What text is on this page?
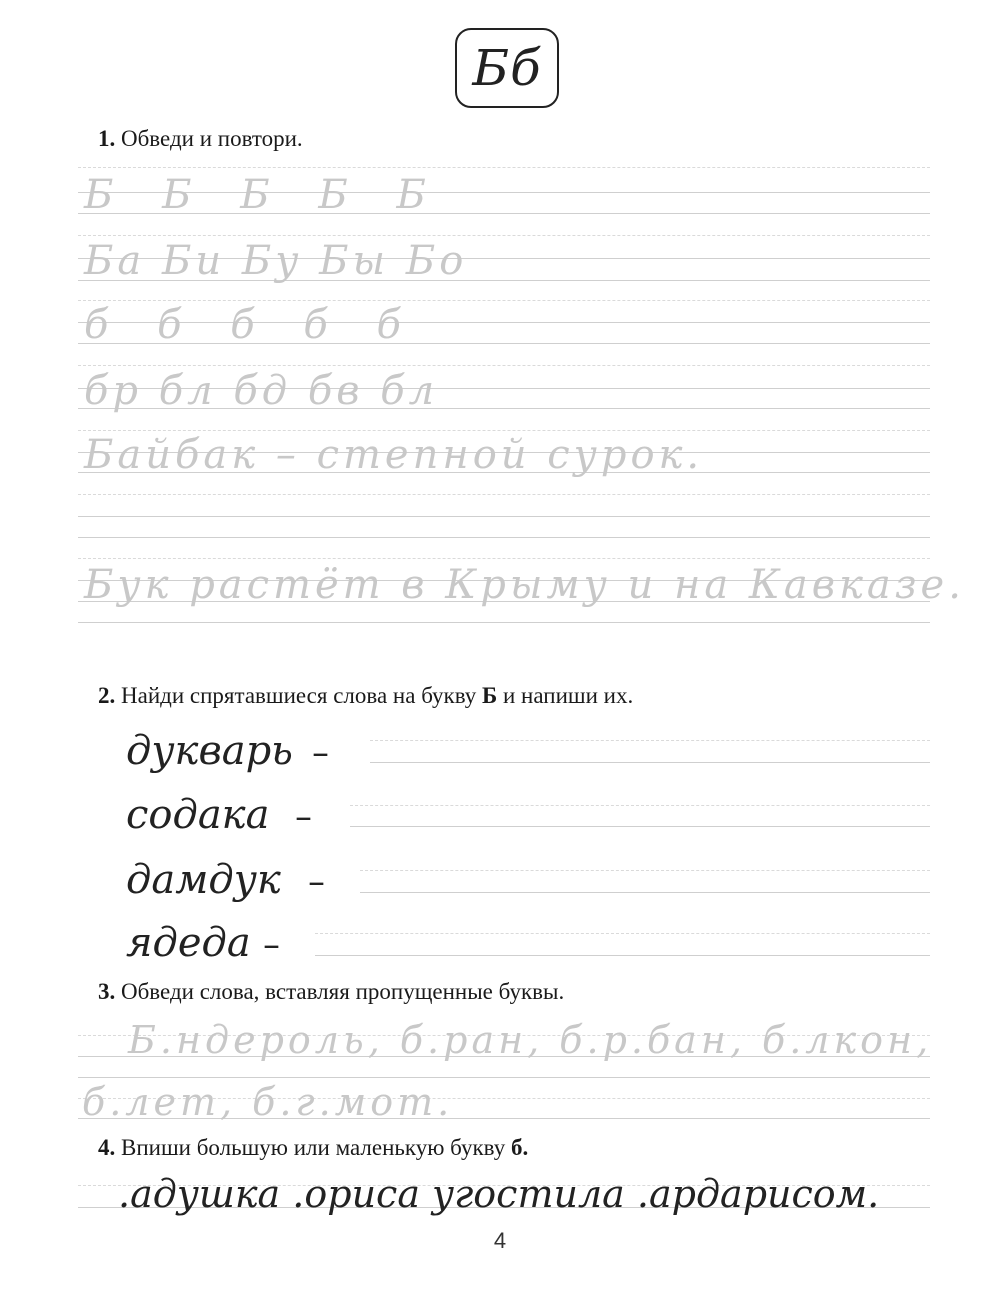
Бб
1. Обведи и повтори.
Б Б Б Б Б
Ба Би Бу Бы Бо
б б б б б
бр бл бд бв бл
Байбак – степной сурок.
Бук растёт в Крыму и на Кавказе.
2. Найди спрятавшиеся слова на букву Б и напиши их.
дукварь –
содака –
дамдук –
ядеда –
3. Обведи слова, вставляя пропущенные буквы.
Б.ндероль, б.ран, б.р.бан, б.лкон,
б.лет, б.г.мот.
4. Впиши большую или маленькую букву б.
.адушка .ориса угостила .ардарисом.
4
